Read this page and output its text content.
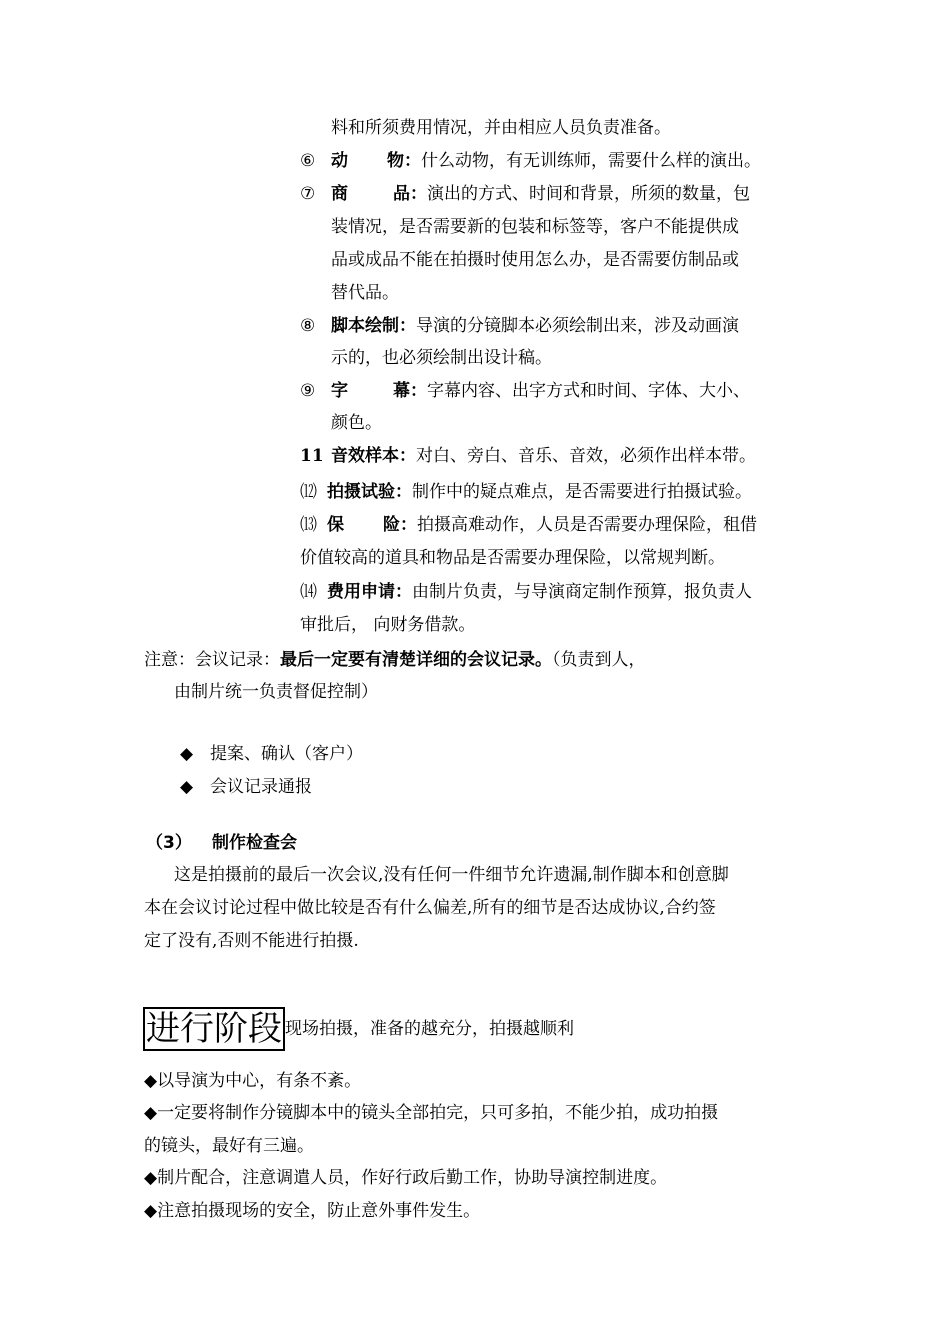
料和所须费用情况，并由相应人员负责准备。
⑥ 动 物：什么动物，有无训练师，需要什么样的演出。
⑦ 商	品：演出的方式、时间和背景，所须的数量，包
装情况，是否需要新的包装和标签等，客户不能提供成
品或成品不能在拍摄时使用怎么办，是否需要仿制品或
替代品。
⑧ 脚本绘制：导演的分镜脚本必须绘制出来，涉及动画演
示的，也必须绘制出设计稿。
⑨ 字	幕：字幕内容、出字方式和时间、字体、大小、
颜色。
11 音效样本：对白、旁白、音乐、音效，必须作出样本带。
⑿ 拍摄试验：制作中的疑点难点，是否需要进行拍摄试验。
⒀ 保 险：拍摄高难动作，人员是否需要办理保险，租借
价值较高的道具和物品是否需要办理保险，以常规判断。
⒁ 费用申请：由制片负责，与导演商定制作预算，报负责人
审批后， 向财务借款。
注意：会议记录：最后一定要有清楚详细的会议记录。（负责到人，
由制片统一负责督促控制）
◆ 提案、确认（客户）
◆ 会议记录通报
（3） 制作检查会
这是拍摄前的最后一次会议,没有任何一件细节允许遗漏,制作脚本和创意脚
本在会议讨论过程中做比较是否有什么偏差,所有的细节是否达成协议,合约签
定了没有,否则不能进行拍摄.
进行阶段 现场拍摄，准备的越充分，拍摄越顺利
◆以导演为中心，有条不紊。
◆一定要将制作分镜脚本中的镜头全部拍完，只可多拍，不能少拍，成功拍摄
的镜头，最好有三遍。
◆制片配合，注意调遣人员，作好行政后勤工作，协助导演控制进度。
◆注意拍摄现场的安全，防止意外事件发生。
